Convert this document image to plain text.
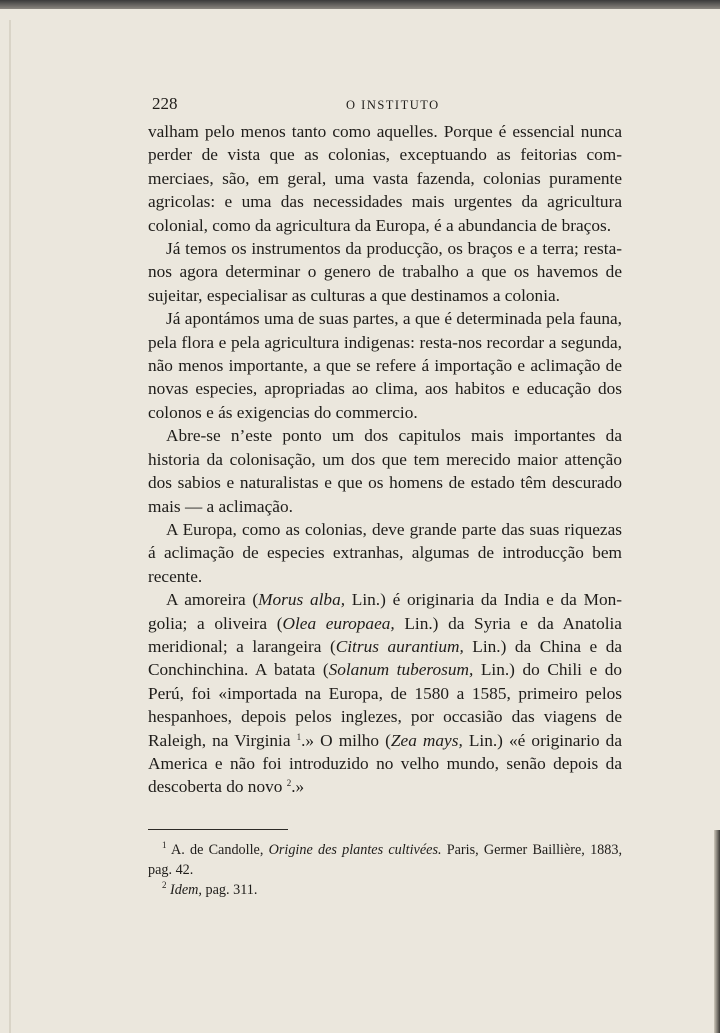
228	O INSTITUTO

valham pelo menos tanto como aquelles. Porque é essencial nunca perder de vista que as colonias, exceptuando as feitorias commerciaes, são, em geral, uma vasta fazenda, colonias puramente agricolas: e uma das necessidades mais urgentes da agricultura colonial, como da agricultura da Europa, é a abundancia de braços.

Já temos os instrumentos da producção, os braços e a terra; resta-nos agora determinar o genero de trabalho a que os havemos de sujeitar, especialisar as culturas a que destinamos a colonia.

Já apontámos uma de suas partes, a que é determinada pela fauna, pela flora e pela agricultura indigenas: resta-nos recordar a segunda, não menos importante, a que se refere á importação e aclimação de novas especies, apropriadas ao clima, aos habitos e educação dos colonos e ás exigencias do commercio.

Abre-se n’este ponto um dos capitulos mais importantes da historia da colonisação, um dos que tem merecido maior attenção dos sabios e naturalistas e que os homens de estado têm descurado mais — a aclimação.

A Europa, como as colonias, deve grande parte das suas riquezas á aclimação de especies extranhas, algumas de introducção bem recente.

A amoreira (Morus alba, Lin.) é originaria da India e da Mongolia; a oliveira (Olea europaea, Lin.) da Syria e da Anatolia meridional; a larangeira (Citrus aurantium, Lin.) da China e da Conchinchina. A batata (Solanum tuberosum, Lin.) do Chili e do Perú, foi «importada na Europa, de 1580 a 1585, primeiro pelos hespanhoes, depois pelos inglezes, por occasião das viagens de Raleigh, na Virginia $^1$.» O milho (Zea mays, Lin.) «é originario da America e não foi introduzido no velho mundo, senão depois da descoberta do novo $^2$.»

$^1$ A. de Candolle, Origine des plantes cultivées. Paris, Germer Baillière, 1883, pag. 42.

$^2$ Idem, pag. 311.
